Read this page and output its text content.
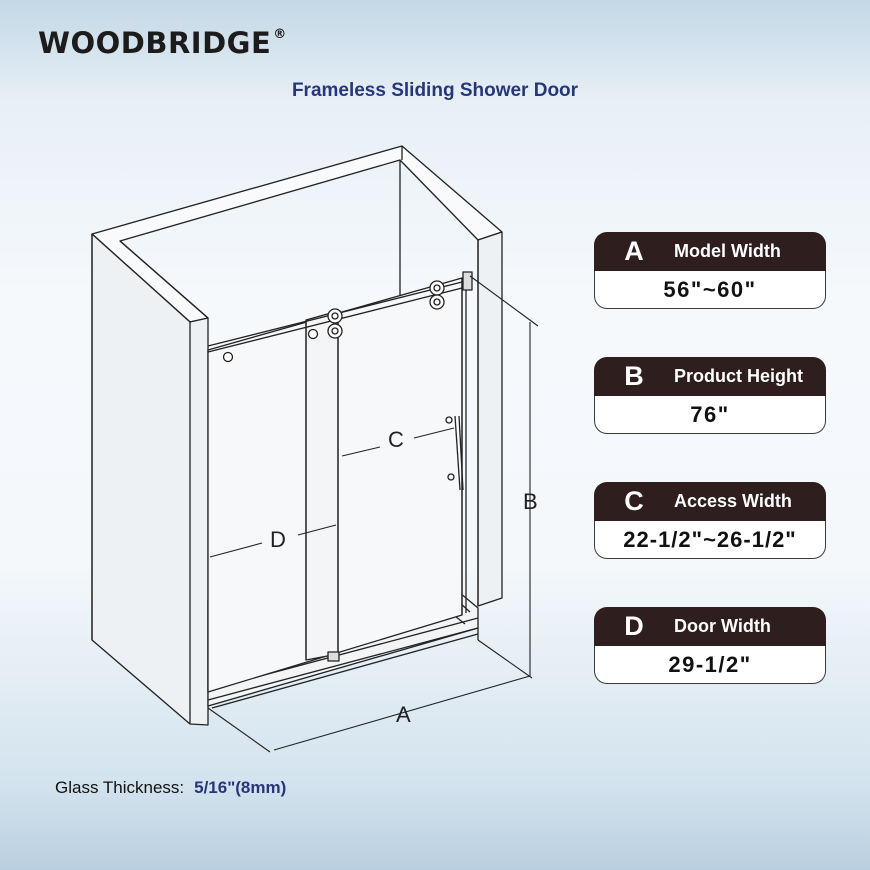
WOODBRIDGE ®
Frameless Sliding Shower Door
A
B
C
D
A	Model Width
56"~60"
B	Product Height
76"
C	Access Width
22-1/2"~26-1/2"
D	Door Width
29-1/2"
Glass Thickness: 5/16"(8mm)
